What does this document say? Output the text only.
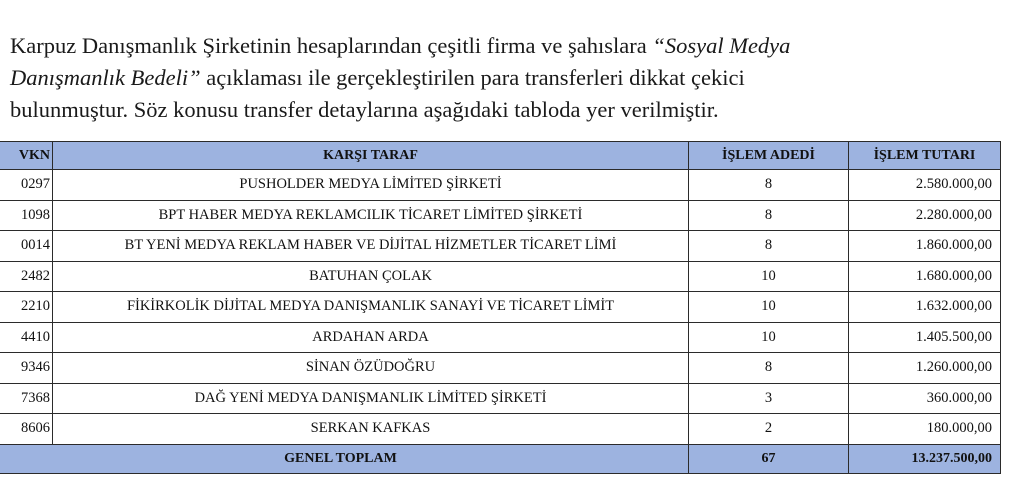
Karpuz Danışmanlık Şirketinin hesaplarından çeşitli firma ve şahıslara “Sosyal Medya
Danışmanlık Bedeli” açıklaması ile gerçekleştirilen para transferleri dikkat çekici
bulunmuştur. Söz konusu transfer detaylarına aşağıdaki tabloda yer verilmiştir.
VKN	KARŞI TARAF	İŞLEM ADEDİ	İŞLEM TUTARI
0297	PUSHOLDER MEDYA LİMİTED ŞİRKETİ	8	2.580.000,00
1098	BPT HABER MEDYA REKLAMCILIK TİCARET LİMİTED ŞİRKETİ	8	2.280.000,00
0014	BT YENİ MEDYA REKLAM HABER VE DİJİTAL HİZMETLER TİCARET LİMİ	8	1.860.000,00
2482	BATUHAN ÇOLAK	10	1.680.000,00
2210	FİKİRKOLİK DİJİTAL MEDYA DANIŞMANLIK SANAYİ VE TİCARET LİMİT	10	1.632.000,00
4410	ARDAHAN ARDA	10	1.405.500,00
9346	SİNAN ÖZÜDOĞRU	8	1.260.000,00
7368	DAĞ YENİ MEDYA DANIŞMANLIK LİMİTED ŞİRKETİ	3	360.000,00
8606	SERKAN KAFKAS	2	180.000,00
GENEL TOPLAM		67	13.237.500,00
